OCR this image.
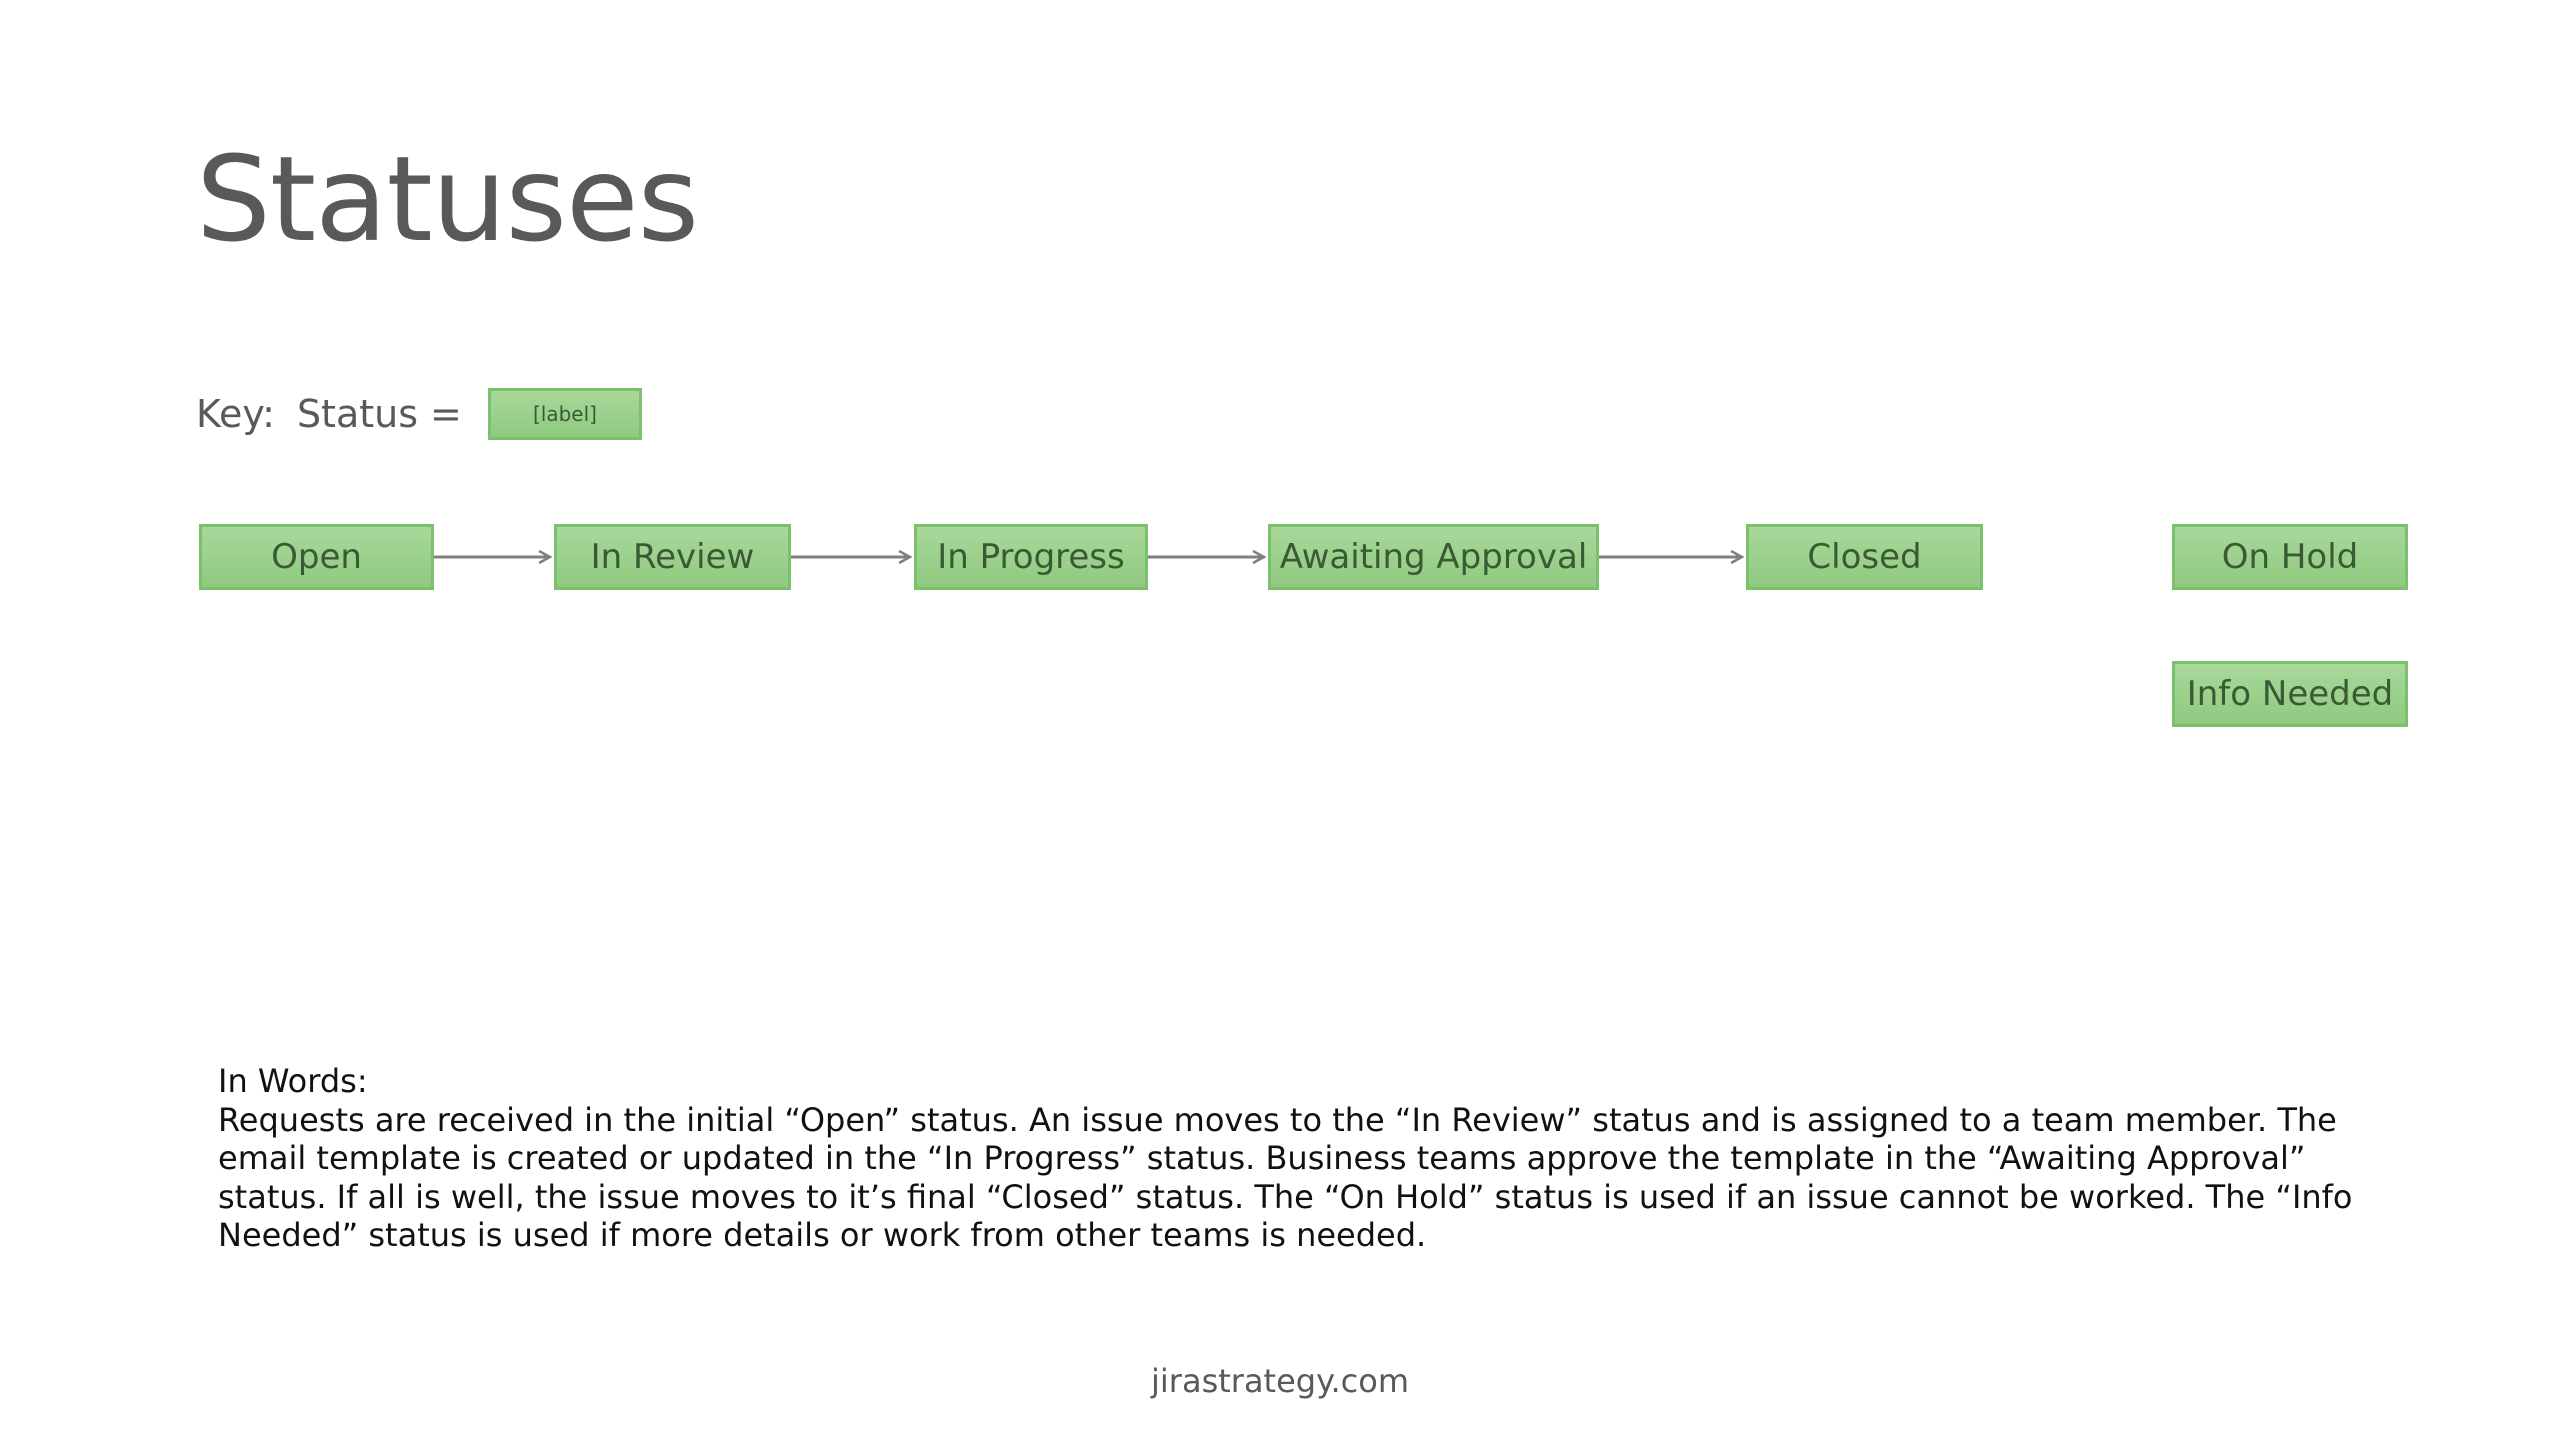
Statuses
Key: Status =	[label]
Open	In Review	In Progress	Awaiting Approval	Closed	On Hold
Info Needed

In Words:

Requests are received in the initial “Open” status. An issue moves to the “In Review” status and is assigned to a team member. The email template is created or updated in the “In Progress” status. Business teams approve the template in the “Awaiting Approval” status. If all is well, the issue moves to it’s final “Closed” status. The “On Hold” status is used if an issue cannot be worked. The “Info Needed” status is used if more details or work from other teams is needed.

jirastrategy.com
